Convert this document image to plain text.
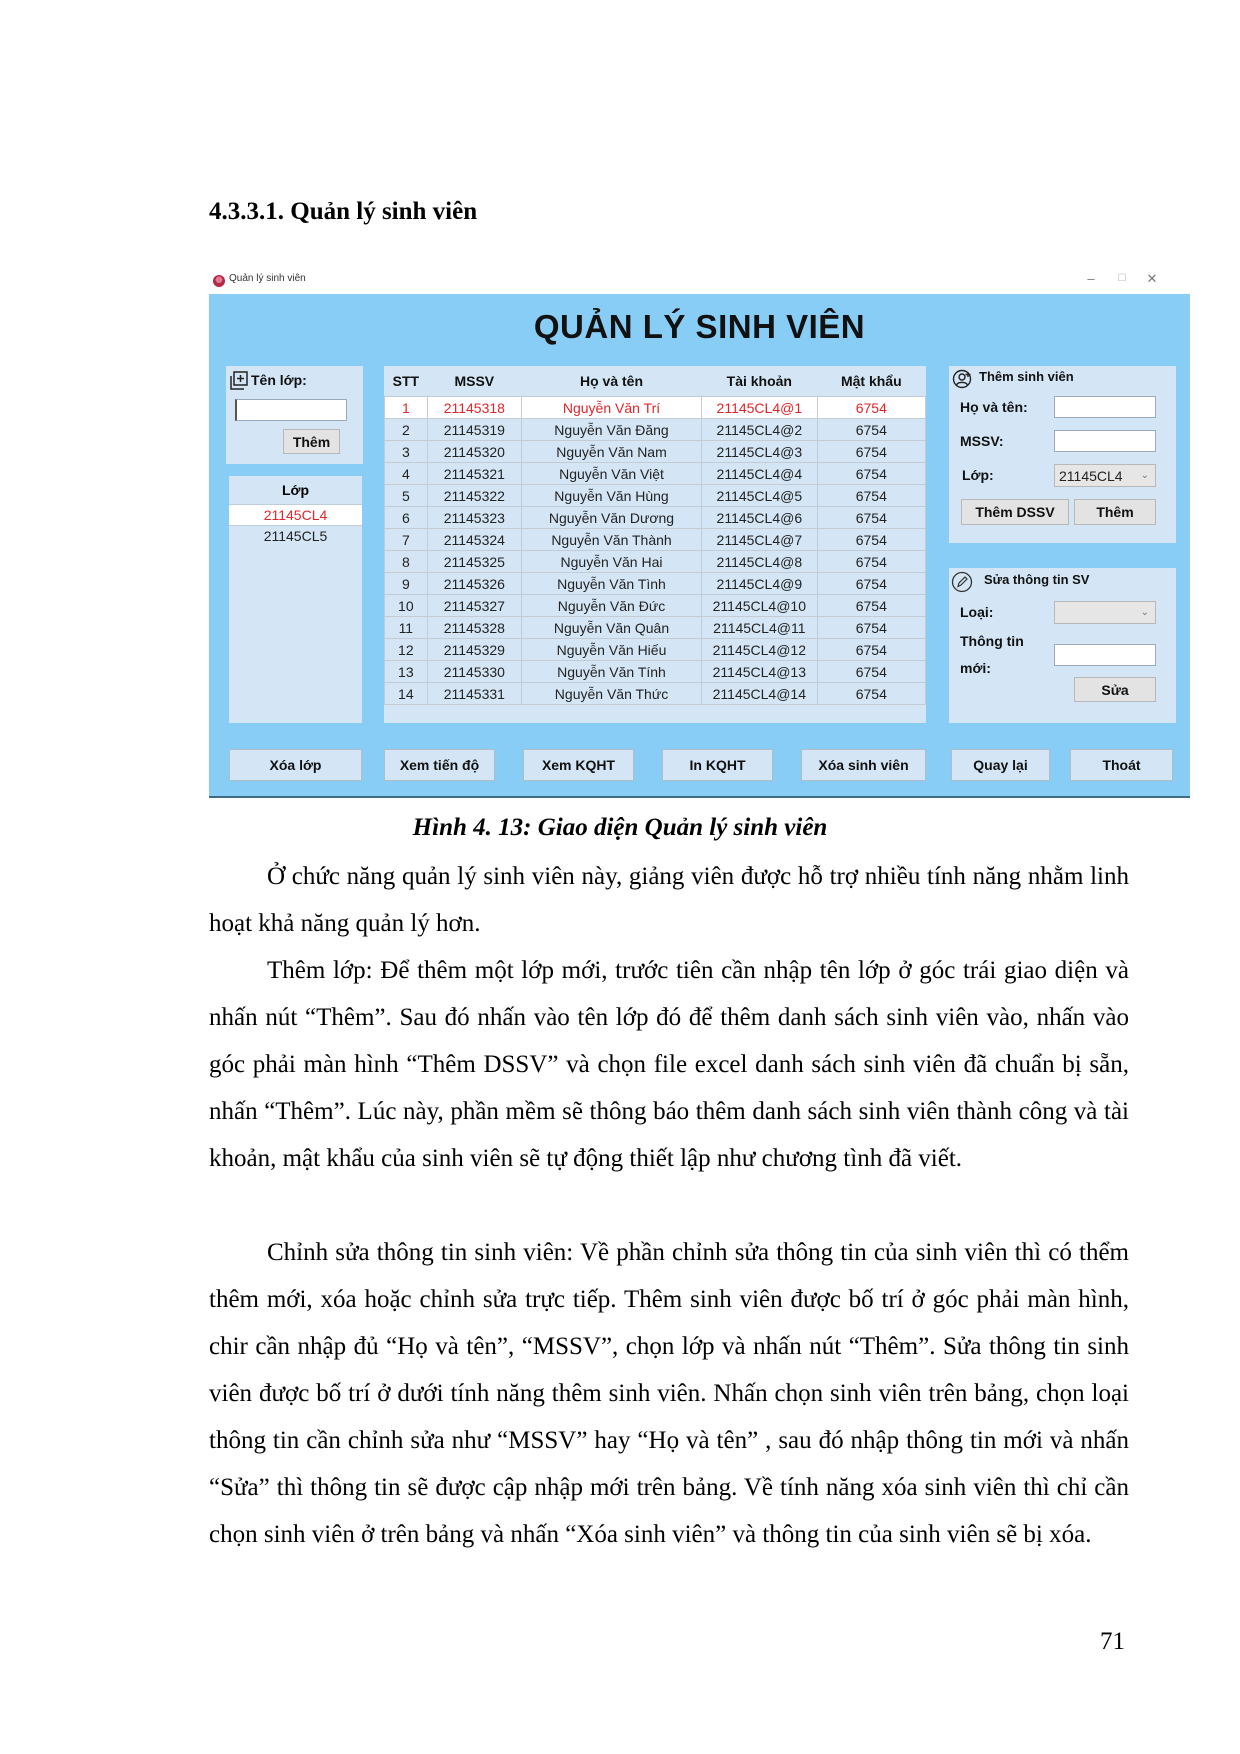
4.3.3.1. Quản lý sinh viên
Quản lý sinh viên	–	☐	✕
QUẢN LÝ SINH VIÊN
Tên lớp:
Thêm
Lớp
21145CL4
21145CL5
STT	MSSV	Họ và tên	Tài khoản	Mật khẩu
1	21145318	Nguyễn Văn Trí	21145CL4@1	6754
2	21145319	Nguyễn Văn Đăng	21145CL4@2	6754
3	21145320	Nguyễn Văn Nam	21145CL4@3	6754
4	21145321	Nguyễn Văn Việt	21145CL4@4	6754
5	21145322	Nguyễn Văn Hùng	21145CL4@5	6754
6	21145323	Nguyễn Văn Dương	21145CL4@6	6754
7	21145324	Nguyễn Văn Thành	21145CL4@7	6754
8	21145325	Nguyễn Văn Hai	21145CL4@8	6754
9	21145326	Nguyễn Văn Tình	21145CL4@9	6754
10	21145327	Nguyễn Văn Đức	21145CL4@10	6754
11	21145328	Nguyễn Văn Quân	21145CL4@11	6754
12	21145329	Nguyễn Văn Hiếu	21145CL4@12	6754
13	21145330	Nguyễn Văn Tính	21145CL4@13	6754
14	21145331	Nguyễn Văn Thức	21145CL4@14	6754
Thêm sinh viên
Họ và tên:
MSSV:
Lớp:	21145CL4 ⌄
Thêm DSSV	Thêm
Sửa thông tin SV
Loại:	⌄
Thông tin
mới:
Sửa
Xóa lớp	Xem tiến độ	Xem KQHT	In KQHT	Xóa sinh viên	Quay lại	Thoát
Hình 4. 13: Giao diện Quản lý sinh viên
Ở chức năng quản lý sinh viên này, giảng viên được hỗ trợ nhiều tính năng nhằm linh hoạt khả năng quản lý hơn.
Thêm lớp: Để thêm một lớp mới, trước tiên cần nhập tên lớp ở góc trái giao diện và nhấn nút “Thêm”. Sau đó nhấn vào tên lớp đó để thêm danh sách sinh viên vào, nhấn vào góc phải màn hình “Thêm DSSV” và chọn file excel danh sách sinh viên đã chuẩn bị sẵn, nhấn “Thêm”. Lúc này, phần mềm sẽ thông báo thêm danh sách sinh viên thành công và tài khoản, mật khẩu của sinh viên sẽ tự động thiết lập như chương tình đã viết.
Chỉnh sửa thông tin sinh viên: Về phần chỉnh sửa thông tin của sinh viên thì có thểm thêm mới, xóa hoặc chỉnh sửa trực tiếp. Thêm sinh viên được bố trí ở góc phải màn hình, chir cần nhập đủ “Họ và tên”, “MSSV”, chọn lớp và nhấn nút “Thêm”. Sửa thông tin sinh viên được bố trí ở dưới tính năng thêm sinh viên. Nhấn chọn sinh viên trên bảng, chọn loại thông tin cần chỉnh sửa như “MSSV” hay “Họ và tên” , sau đó nhập thông tin mới và nhấn “Sửa” thì thông tin sẽ được cập nhập mới trên bảng. Về tính năng xóa sinh viên thì chỉ cần chọn sinh viên ở trên bảng và nhấn “Xóa sinh viên” và thông tin của sinh viên sẽ bị xóa.
71
